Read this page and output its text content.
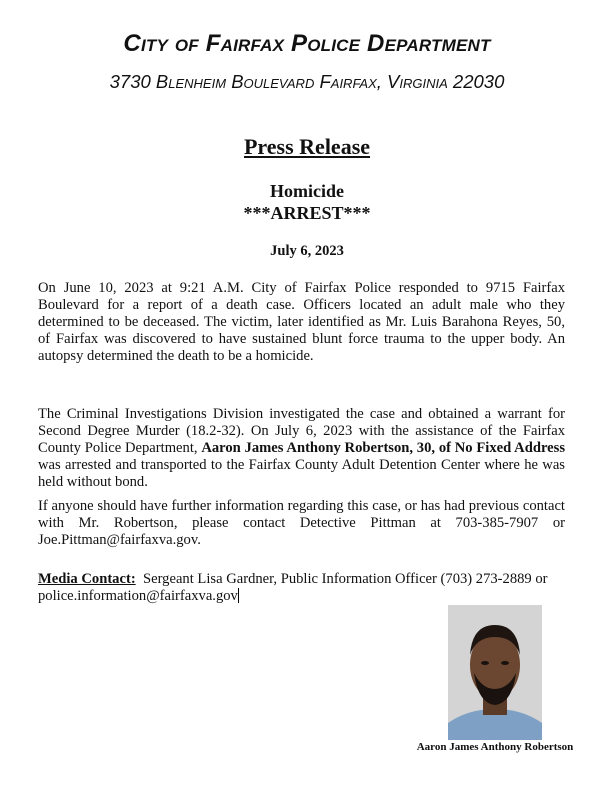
City of Fairfax Police Department
3730 Blenheim Boulevard Fairfax, Virginia 22030
Press Release
Homicide
***ARREST***
July 6, 2023

On June 10, 2023 at 9:21 A.M. City of Fairfax Police responded to 9715 Fairfax Boulevard for a report of a death case. Officers located an adult male who they determined to be deceased. The victim, later identified as Mr. Luis Barahona Reyes, 50, of Fairfax was discovered to have sustained blunt force trauma to the upper body. An autopsy determined the death to be a homicide.

The Criminal Investigations Division investigated the case and obtained a warrant for Second Degree Murder (18.2-32). On July 6, 2023 with the assistance of the Fairfax County Police Department, Aaron James Anthony Robertson, 30, of No Fixed Address was arrested and transported to the Fairfax County Adult Detention Center where he was held without bond.

If anyone should have further information regarding this case, or has had previous contact with Mr. Robertson, please contact Detective Pittman at 703-385-7907 or Joe.Pittman@fairfaxva.gov.

Media Contact:  Sergeant Lisa Gardner, Public Information Officer (703) 273-2889 or police.information@fairfaxva.gov

Aaron James Anthony Robertson
